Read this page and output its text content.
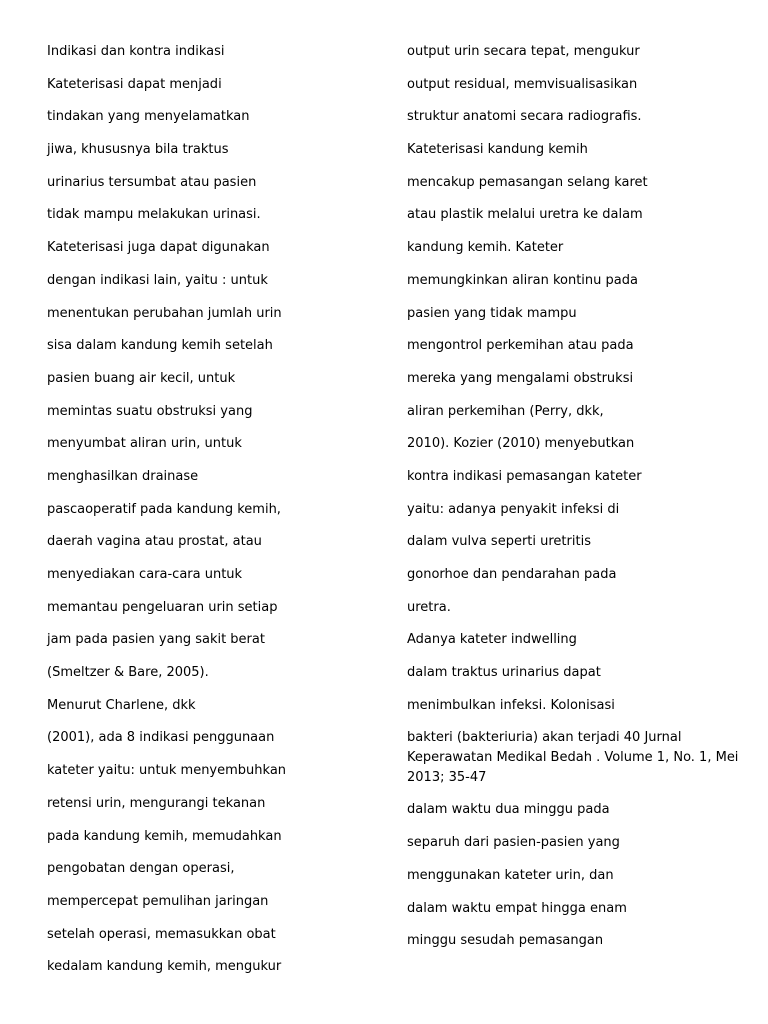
Indikasi dan kontra indikasi
Kateterisasi dapat menjadi
tindakan yang menyelamatkan
jiwa, khususnya bila traktus
urinarius tersumbat atau pasien
tidak mampu melakukan urinasi.
Kateterisasi juga dapat digunakan
dengan indikasi lain, yaitu : untuk
menentukan perubahan jumlah urin
sisa dalam kandung kemih setelah
pasien buang air kecil, untuk
memintas suatu obstruksi yang
menyumbat aliran urin, untuk
menghasilkan drainase
pascaoperatif pada kandung kemih,
daerah vagina atau prostat, atau
menyediakan cara-cara untuk
memantau pengeluaran urin setiap
jam pada pasien yang sakit berat
(Smeltzer & Bare, 2005).
Menurut Charlene, dkk
(2001), ada 8 indikasi penggunaan
kateter yaitu: untuk menyembuhkan
retensi urin, mengurangi tekanan
pada kandung kemih, memudahkan
pengobatan dengan operasi,
mempercepat pemulihan jaringan
setelah operasi, memasukkan obat
kedalam kandung kemih, mengukur
output urin secara tepat, mengukur
output residual, memvisualisasikan
struktur anatomi secara radiografis.
Kateterisasi kandung kemih
mencakup pemasangan selang karet
atau plastik melalui uretra ke dalam
kandung kemih. Kateter
memungkinkan aliran kontinu pada
pasien yang tidak mampu
mengontrol perkemihan atau pada
mereka yang mengalami obstruksi
aliran perkemihan (Perry, dkk,
2010). Kozier (2010) menyebutkan
kontra indikasi pemasangan kateter
yaitu: adanya penyakit infeksi di
dalam vulva seperti uretritis
gonorhoe dan pendarahan pada
uretra.
Adanya kateter indwelling
dalam traktus urinarius dapat
menimbulkan infeksi. Kolonisasi
bakteri (bakteriuria) akan terjadi 40 Jurnal Keperawatan Medikal Bedah . Volume 1, No. 1, Mei 2013; 35-47
dalam waktu dua minggu pada
separuh dari pasien-pasien yang
menggunakan kateter urin, dan
dalam waktu empat hingga enam
minggu sesudah pemasangan
